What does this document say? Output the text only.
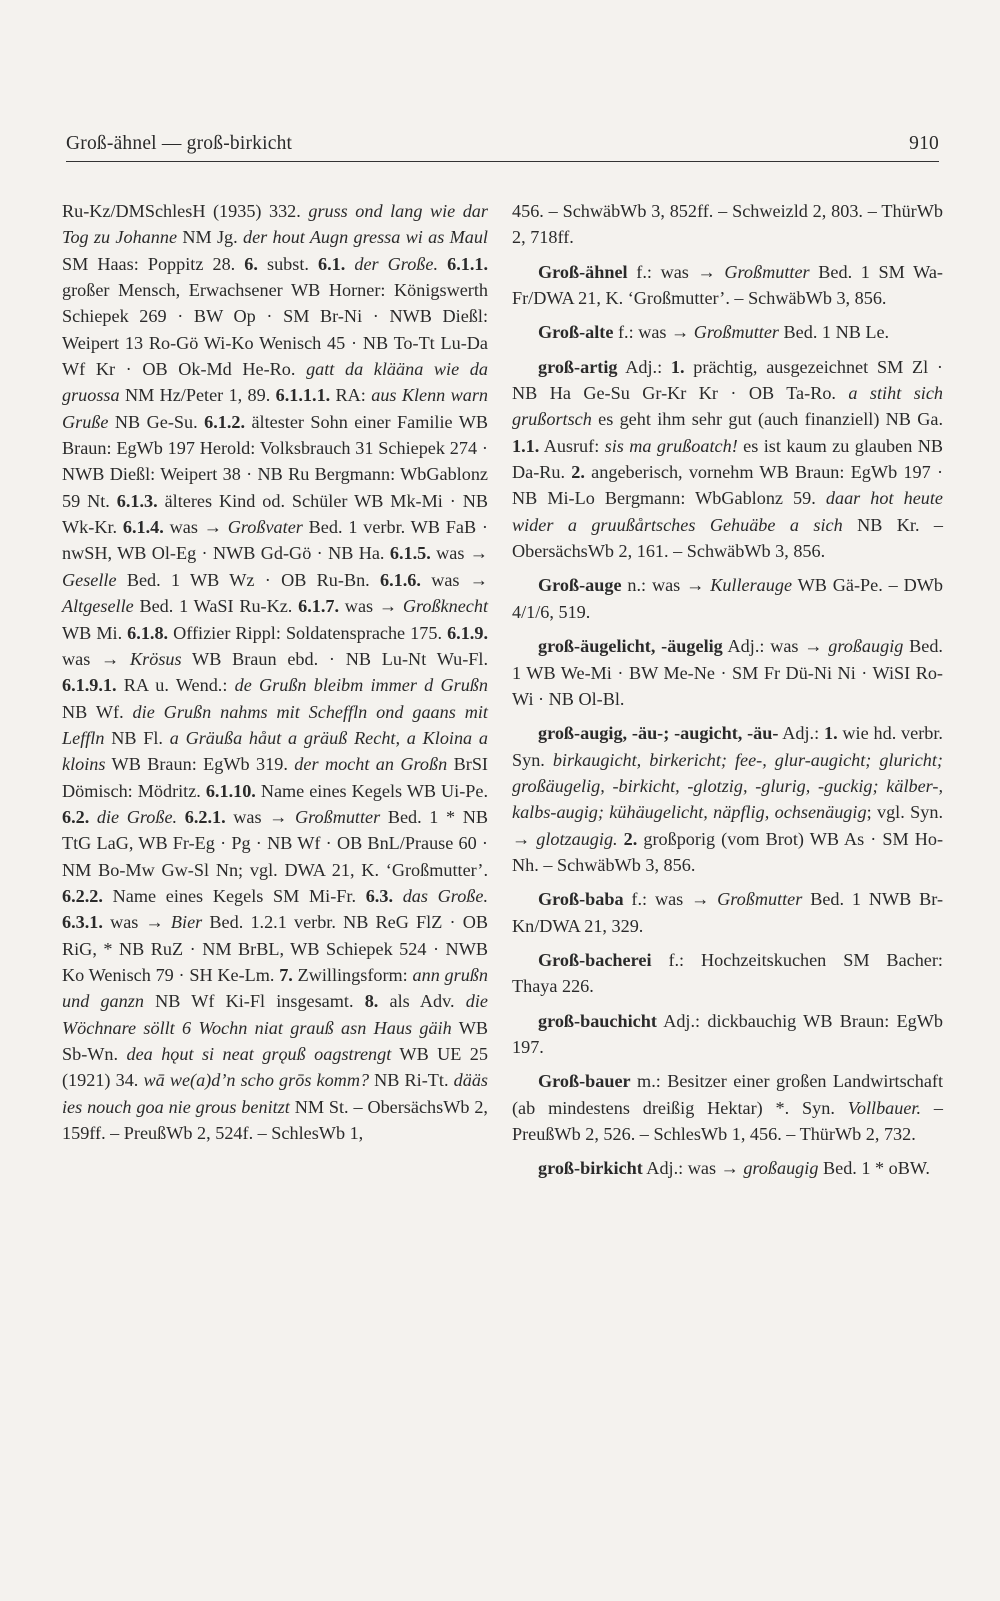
Groß-ähnel — groß-birkicht	910

Ru-Kz/DMSchlesH (1935) 332. gruss ond lang wie dar Tog zu Johanne NM Jg. der hout Augn gressa wi as Maul SM Haas: Poppitz 28. 6. subst. 6.1. der Große. 6.1.1. großer Mensch, Erwachsener WB Horner: Königswerth Schiepek 269 · BW Op · SM Br-Ni · NWB Dießl: Weipert 13 Ro-Gö Wi-Ko Wenisch 45 · NB To-Tt Lu-Da Wf Kr · OB Ok-Md He-Ro. gatt da klääna wie da gruossa NM Hz/Peter 1, 89. 6.1.1.1. RA: aus Klenn warn Gruße NB Ge-Su. 6.1.2. ältester Sohn einer Familie WB Braun: EgWb 197 Herold: Volksbrauch 31 Schiepek 274 · NWB Dießl: Weipert 38 · NB Ru Bergmann: WbGablonz 59 Nt. 6.1.3. älteres Kind od. Schüler WB Mk-Mi · NB Wk-Kr. 6.1.4. was → Großvater Bed. 1 verbr. WB FaB · nwSH, WB Ol-Eg · NWB Gd-Gö · NB Ha. 6.1.5. was → Geselle Bed. 1 WB Wz · OB Ru-Bn. 6.1.6. was → Altgeselle Bed. 1 WaSI Ru-Kz. 6.1.7. was → Großknecht WB Mi. 6.1.8. Offizier Rippl: Soldatensprache 175. 6.1.9. was → Krösus WB Braun ebd. · NB Lu-Nt Wu-Fl. 6.1.9.1. RA u. Wend.: de Grußn bleibm immer d Grußn NB Wf. die Grußn nahms mit Scheffln ond gaans mit Leffln NB Fl. a Gräußa håut a gräuß Recht, a Kloina a kloins WB Braun: EgWb 319. der mocht an Großn BrSI Dömisch: Mödritz. 6.1.10. Name eines Kegels WB Ui-Pe. 6.2. die Große. 6.2.1. was → Großmutter Bed. 1 * NB TtG LaG, WB Fr-Eg · Pg · NB Wf · OB BnL/Prause 60 · NM Bo-Mw Gw-Sl Nn; vgl. DWA 21, K. ‘Großmutter’. 6.2.2. Name eines Kegels SM Mi-Fr. 6.3. das Große. 6.3.1. was → Bier Bed. 1.2.1 verbr. NB ReG FlZ · OB RiG, * NB RuZ · NM BrBL, WB Schiepek 524 · NWB Ko Wenisch 79 · SH Ke-Lm. 7. Zwillingsform: ann grußn und ganzn NB Wf Ki-Fl insgesamt. 8. als Adv. die Wöchnare söllt 6 Wochn niat grauß asn Haus gäih WB Sb-Wn. dea hǫut si neat grǫuß oagstrengt WB UE 25 (1921) 34. wā we(a)d’n scho grōs komm? NB Ri-Tt. dääs ies nouch goa nie grous benitzt NM St. – ObersächsWb 2, 159ff. – PreußWb 2, 524f. – SchlesWb 1,

456. – SchwäbWb 3, 852ff. – Schweizld 2, 803. – ThürWb 2, 718ff.

Groß-ähnel f.: was → Großmutter Bed. 1 SM Wa-Fr/DWA 21, K. ‘Großmutter’. – SchwäbWb 3, 856.

Groß-alte f.: was → Großmutter Bed. 1 NB Le.

groß-artig Adj.: 1. prächtig, ausgezeichnet SM Zl · NB Ha Ge-Su Gr-Kr Kr · OB Ta-Ro. a stiht sich grußortsch es geht ihm sehr gut (auch finanziell) NB Ga. 1.1. Ausruf: sis ma grußoatch! es ist kaum zu glauben NB Da-Ru. 2. angeberisch, vornehm WB Braun: EgWb 197 · NB Mi-Lo Bergmann: WbGablonz 59. daar hot heute wider a gruußårtsches Gehuäbe a sich NB Kr. – ObersächsWb 2, 161. – SchwäbWb 3, 856.

Groß-auge n.: was → Kullerauge WB Gä-Pe. – DWb 4/1/6, 519.

groß-äugelicht, -äugelig Adj.: was → großaugig Bed. 1 WB We-Mi · BW Me-Ne · SM Fr Dü-Ni Ni · WiSI Ro-Wi · NB Ol-Bl.

groß-augig, -äu-; -augicht, -äu- Adj.: 1. wie hd. verbr. Syn. birkaugicht, birkericht; fee-, glur-augicht; gluricht; großäugelig, -birkicht, -glotzig, -glurig, -guckig; kälber-, kalbs-augig; kühäugelicht, näpflig, ochsenäugig; vgl. Syn. → glotzaugig. 2. großporig (vom Brot) WB As · SM Ho-Nh. – SchwäbWb 3, 856.

Groß-baba f.: was → Großmutter Bed. 1 NWB Br-Kn/DWA 21, 329.

Groß-bacherei f.: Hochzeitskuchen SM Bacher: Thaya 226.

groß-bauchicht Adj.: dickbauchig WB Braun: EgWb 197.

Groß-bauer m.: Besitzer einer großen Landwirtschaft (ab mindestens dreißig Hektar) *. Syn. Vollbauer. – PreußWb 2, 526. – SchlesWb 1, 456. – ThürWb 2, 732.

groß-birkicht Adj.: was → großaugig Bed. 1 * oBW.
